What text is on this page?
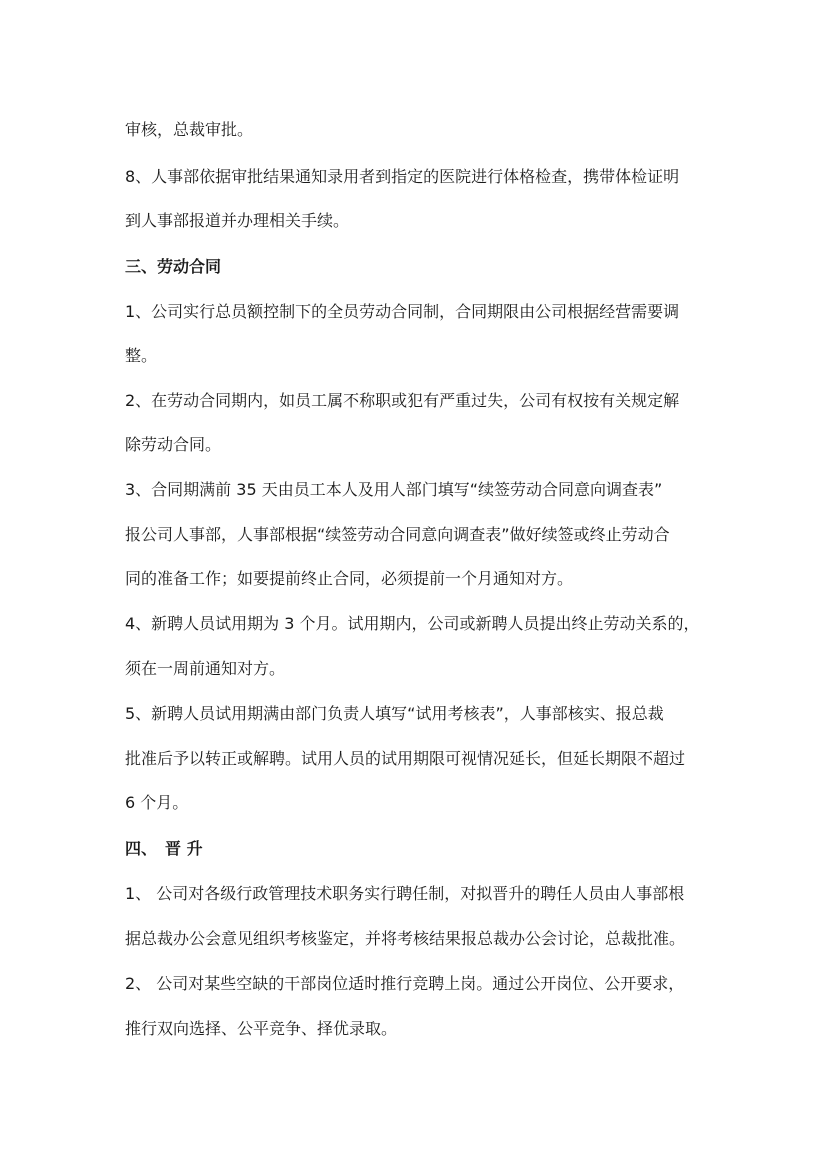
审核，总裁审批。

8、人事部依据审批结果通知录用者到指定的医院进行体格检查，携带体检证明

到人事部报道并办理相关手续。

三、劳动合同

1、公司实行总员额控制下的全员劳动合同制，合同期限由公司根据经营需要调

整。

2、在劳动合同期内，如员工属不称职或犯有严重过失，公司有权按有关规定解

除劳动合同。

3、合同期满前 35 天由员工本人及用人部门填写“续签劳动合同意向调查表”

报公司人事部，人事部根据“续签劳动合同意向调查表”做好续签或终止劳动合

同的准备工作；如要提前终止合同，必须提前一个月通知对方。

4、新聘人员试用期为 3 个月。试用期内，公司或新聘人员提出终止劳动关系的，

须在一周前通知对方。

5、新聘人员试用期满由部门负责人填写“试用考核表”，人事部核实、报总裁

批准后予以转正或解聘。试用人员的试用期限可视情况延长，但延长期限不超过

6 个月。

四、　晋 升

1、 公司对各级行政管理技术职务实行聘任制，对拟晋升的聘任人员由人事部根

据总裁办公会意见组织考核鉴定，并将考核结果报总裁办公会讨论，总裁批准。

2、 公司对某些空缺的干部岗位适时推行竞聘上岗。通过公开岗位、公开要求，

推行双向选择、公平竞争、择优录取。
